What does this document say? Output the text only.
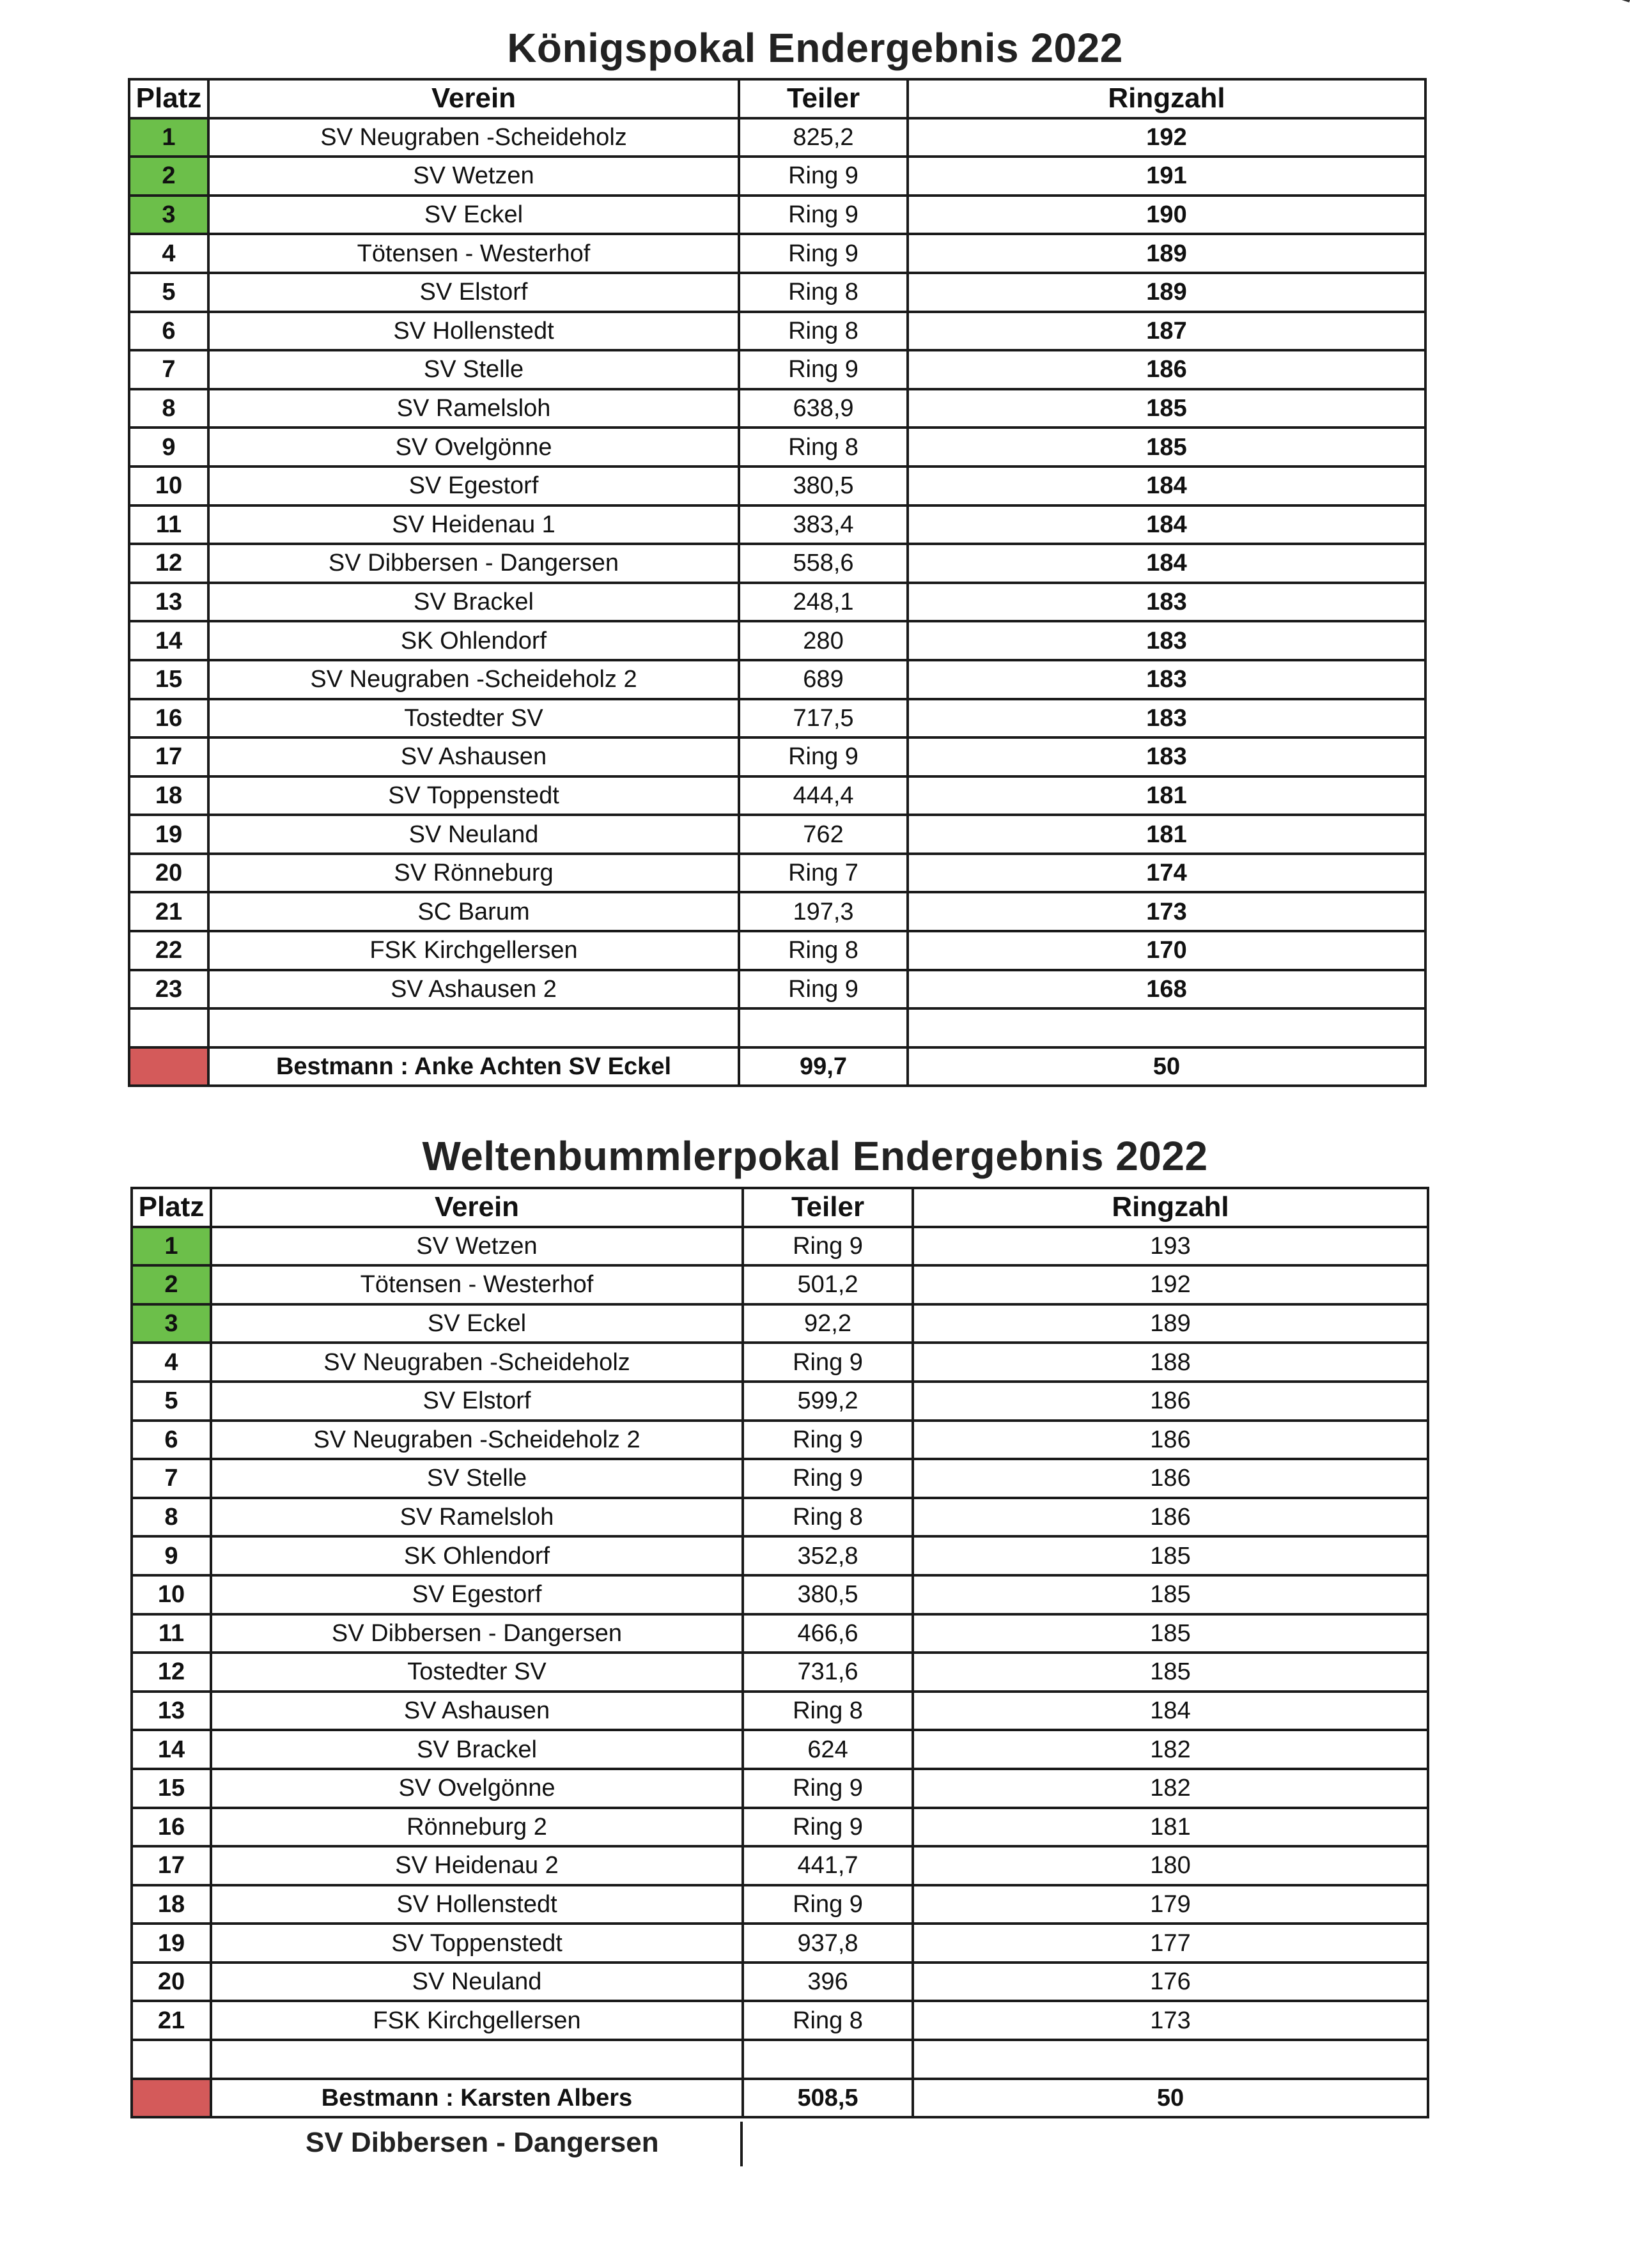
Königspokal Endergebnis 2022
Platz	Verein	Teiler	Ringzahl
1	SV Neugraben -Scheideholz	825,2	192
2	SV Wetzen	Ring 9	191
3	SV Eckel	Ring 9	190
4	Tötensen - Westerhof	Ring 9	189
5	SV Elstorf	Ring 8	189
6	SV Hollenstedt	Ring 8	187
7	SV Stelle	Ring 9	186
8	SV Ramelsloh	638,9	185
9	SV Ovelgönne	Ring 8	185
10	SV Egestorf	380,5	184
11	SV Heidenau 1	383,4	184
12	SV Dibbersen - Dangersen	558,6	184
13	SV Brackel	248,1	183
14	SK Ohlendorf	280	183
15	SV Neugraben -Scheideholz 2	689	183
16	Tostedter SV	717,5	183
17	SV Ashausen	Ring 9	183
18	SV Toppenstedt	444,4	181
19	SV Neuland	762	181
20	SV Rönneburg	Ring 7	174
21	SC Barum	197,3	173
22	FSK Kirchgellersen	Ring 8	170
23	SV Ashausen 2	Ring 9	168

	Bestmann : Anke Achten SV Eckel	99,7	50
Weltenbummlerpokal Endergebnis 2022
Platz	Verein	Teiler	Ringzahl
1	SV Wetzen	Ring 9	193
2	Tötensen - Westerhof	501,2	192
3	SV Eckel	92,2	189
4	SV Neugraben -Scheideholz	Ring 9	188
5	SV Elstorf	599,2	186
6	SV Neugraben -Scheideholz 2	Ring 9	186
7	SV Stelle	Ring 9	186
8	SV Ramelsloh	Ring 8	186
9	SK Ohlendorf	352,8	185
10	SV Egestorf	380,5	185
11	SV Dibbersen - Dangersen	466,6	185
12	Tostedter SV	731,6	185
13	SV Ashausen	Ring 8	184
14	SV Brackel	624	182
15	SV Ovelgönne	Ring 9	182
16	Rönneburg 2	Ring 9	181
17	SV Heidenau 2	441,7	180
18	SV Hollenstedt	Ring 9	179
19	SV Toppenstedt	937,8	177
20	SV Neuland	396	176
21	FSK Kirchgellersen	Ring 8	173

	Bestmann : Karsten Albers	508,5	50
SV Dibbersen - Dangersen
